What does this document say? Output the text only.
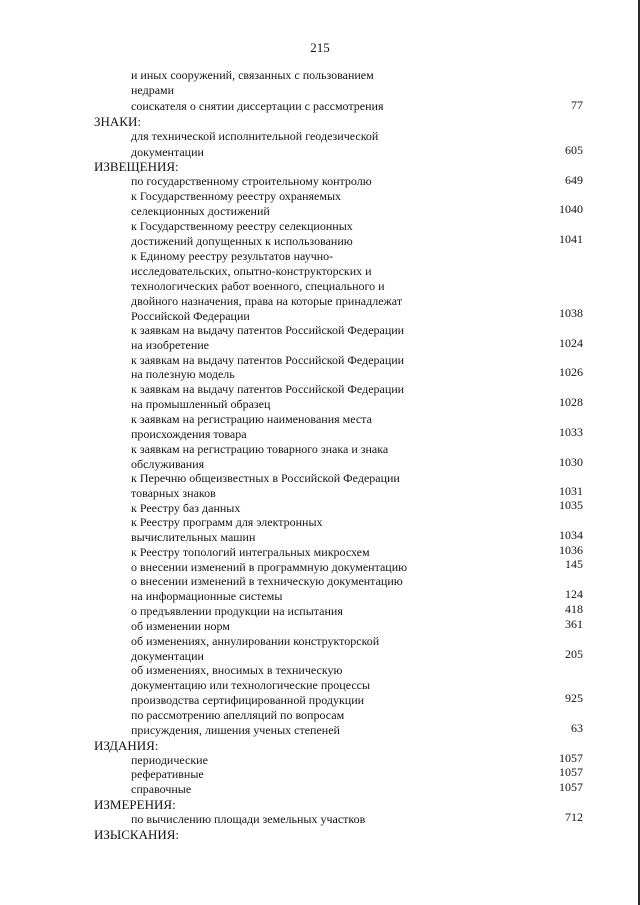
215
и иных сооружений, связанных с пользованием
недрами
соискателя о снятии диссертации с рассмотрения
ЗНАКИ:
для технической исполнительной геодезической
документации
ИЗВЕЩЕНИЯ:
по государственному строительному контролю
к Государственному реестру охраняемых
селекционных достижений
к Государственному реестру селекционных
достижений допущенных к использованию
к Единому реестру результатов научно-
исследовательских, опытно-конструкторских и
технологических работ военного, специального и
двойного назначения, права на которые принадлежат
Российской Федерации
к заявкам на выдачу патентов Российской Федерации
на изобретение
к заявкам на выдачу патентов Российской Федерации
на полезную модель
к заявкам на выдачу патентов Российской Федерации
на промышленный образец
к заявкам на регистрацию наименования места
происхождения товара
к заявкам на регистрацию товарного знака и знака
обслуживания
к Перечню общеизвестных в Российской Федерации
товарных знаков
к Реестру баз данных
к Реестру программ для электронных
вычислительных машин
к Реестру топологий интегральных микросхем
о внесении изменений в программную документацию
о внесении изменений в техническую документацию
на информационные системы
о предъявлении продукции на испытания
об изменении норм
об изменениях, аннулировании конструкторской
документации
об изменениях, вносимых в техническую
документацию или технологические процессы
производства сертифицированной продукции
по рассмотрению апелляций по вопросам
присуждения, лишения ученых степеней
ИЗДАНИЯ:
периодические
реферативные
справочные
ИЗМЕРЕНИЯ:
по вычислению площади земельных участков
ИЗЫСКАНИЯ:
77
605
649
1040
1041
1038
1024
1026
1028
1033
1030
1031
1035
1034
1036
145
124
418
361
205
925
63
1057
1057
1057
712
